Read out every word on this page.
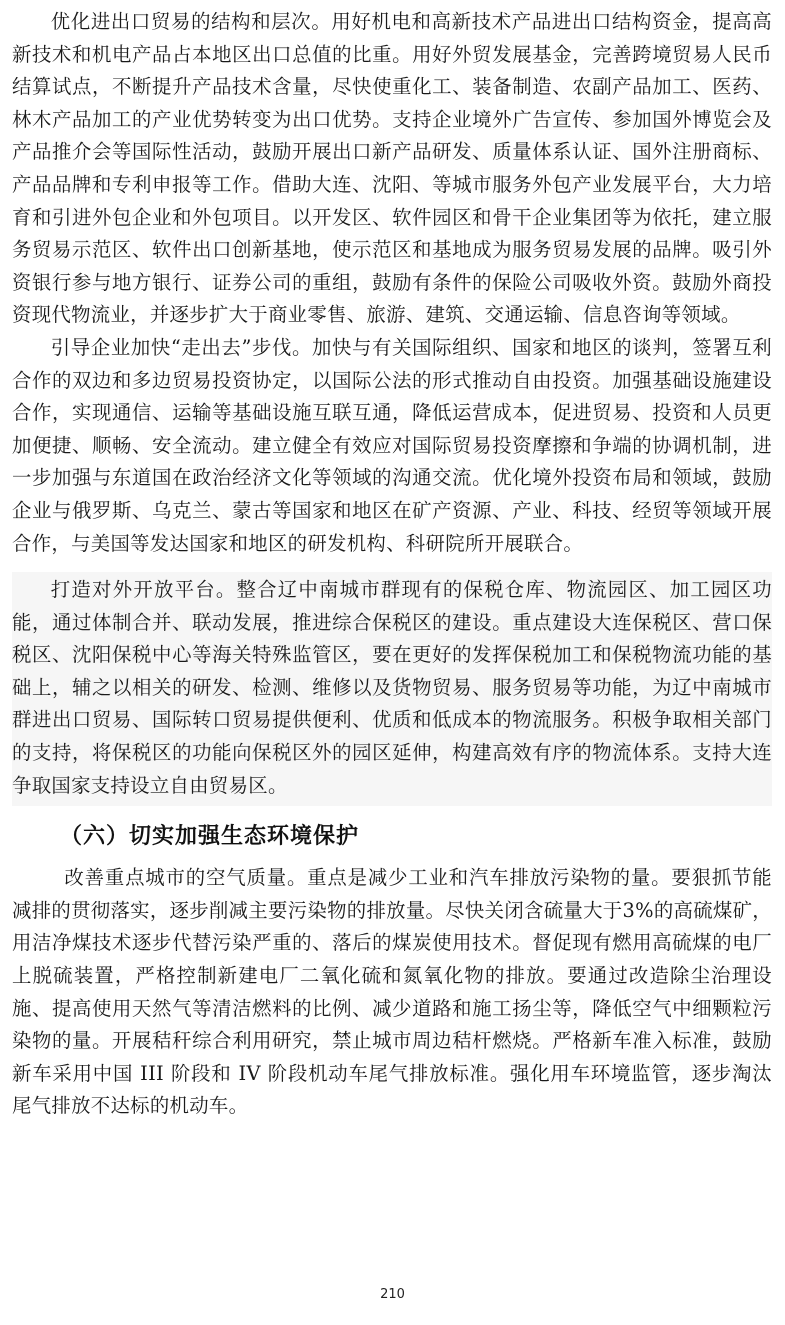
优化进出口贸易的结构和层次。用好机电和高新技术产品进出口结构资金，提高高新技术和机电产品占本地区出口总值的比重。用好外贸发展基金，完善跨境贸易人民币结算试点，不断提升产品技术含量，尽快使重化工、装备制造、农副产品加工、医药、林木产品加工的产业优势转变为出口优势。支持企业境外广告宣传、参加国外博览会及产品推介会等国际性活动，鼓励开展出口新产品研发、质量体系认证、国外注册商标、产品品牌和专利申报等工作。借助大连、沈阳、等城市服务外包产业发展平台，大力培育和引进外包企业和外包项目。以开发区、软件园区和骨干企业集团等为依托，建立服务贸易示范区、软件出口创新基地，使示范区和基地成为服务贸易发展的品牌。吸引外资银行参与地方银行、证券公司的重组，鼓励有条件的保险公司吸收外资。鼓励外商投资现代物流业，并逐步扩大于商业零售、旅游、建筑、交通运输、信息咨询等领域。

引导企业加快“走出去”步伐。加快与有关国际组织、国家和地区的谈判，签署互利合作的双边和多边贸易投资协定，以国际公法的形式推动自由投资。加强基础设施建设合作，实现通信、运输等基础设施互联互通，降低运营成本，促进贸易、投资和人员更加便捷、顺畅、安全流动。建立健全有效应对国际贸易投资摩擦和争端的协调机制，进一步加强与东道国在政治经济文化等领域的沟通交流。优化境外投资布局和领域，鼓励企业与俄罗斯、乌克兰、蒙古等国家和地区在矿产资源、产业、科技、经贸等领域开展合作，与美国等发达国家和地区的研发机构、科研院所开展联合。

打造对外开放平台。整合辽中南城市群现有的保税仓库、物流园区、加工园区功能，通过体制合并、联动发展，推进综合保税区的建设。重点建设大连保税区、营口保税区、沈阳保税中心等海关特殊监管区，要在更好的发挥保税加工和保税物流功能的基础上，辅之以相关的研发、检测、维修以及货物贸易、服务贸易等功能，为辽中南城市群进出口贸易、国际转口贸易提供便利、优质和低成本的物流服务。积极争取相关部门的支持，将保税区的功能向保税区外的园区延伸，构建高效有序的物流体系。支持大连争取国家支持设立自由贸易区。

（六）切实加强生态环境保护

改善重点城市的空气质量。重点是减少工业和汽车排放污染物的量。要狠抓节能减排的贯彻落实，逐步削减主要污染物的排放量。尽快关闭含硫量大于3%的高硫煤矿，用洁净煤技术逐步代替污染严重的、落后的煤炭使用技术。督促现有燃用高硫煤的电厂上脱硫装置，严格控制新建电厂二氧化硫和氮氧化物的排放。要通过改造除尘治理设施、提高使用天然气等清洁燃料的比例、减少道路和施工扬尘等，降低空气中细颗粒污染物的量。开展秸秆综合利用研究，禁止城市周边秸杆燃烧。严格新车准入标准，鼓励新车采用中国 III 阶段和 IV 阶段机动车尾气排放标准。强化用车环境监管，逐步淘汰尾气排放不达标的机动车。

210
